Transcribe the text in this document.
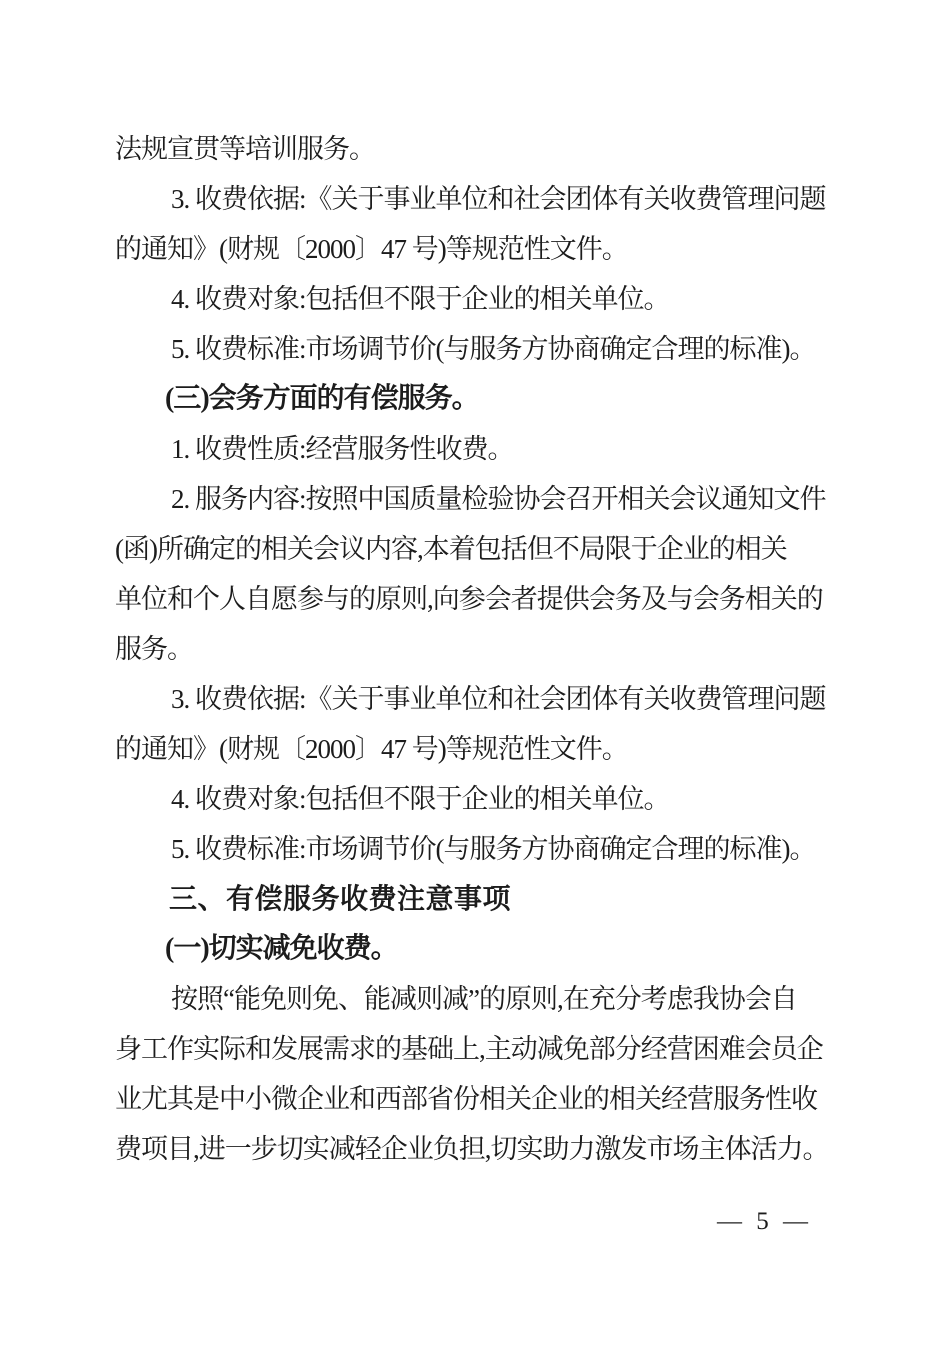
法规宣贯等培训服务。
3. 收费依据:《关于事业单位和社会团体有关收费管理问题
的通知》(财规〔2000〕47 号)等规范性文件。
4. 收费对象:包括但不限于企业的相关单位。
5. 收费标准:市场调节价(与服务方协商确定合理的标准)。
(三)会务方面的有偿服务。
1. 收费性质:经营服务性收费。
2. 服务内容:按照中国质量检验协会召开相关会议通知文件
(函)所确定的相关会议内容,本着包括但不局限于企业的相关
单位和个人自愿参与的原则,向参会者提供会务及与会务相关的
服务。
3. 收费依据:《关于事业单位和社会团体有关收费管理问题
的通知》(财规〔2000〕47 号)等规范性文件。
4. 收费对象:包括但不限于企业的相关单位。
5. 收费标准:市场调节价(与服务方协商确定合理的标准)。
三、有偿服务收费注意事项
(一)切实减免收费。
按照“能免则免、能减则减”的原则,在充分考虑我协会自
身工作实际和发展需求的基础上,主动减免部分经营困难会员企
业尤其是中小微企业和西部省份相关企业的相关经营服务性收
费项目,进一步切实减轻企业负担,切实助力激发市场主体活力。
— 5 —
